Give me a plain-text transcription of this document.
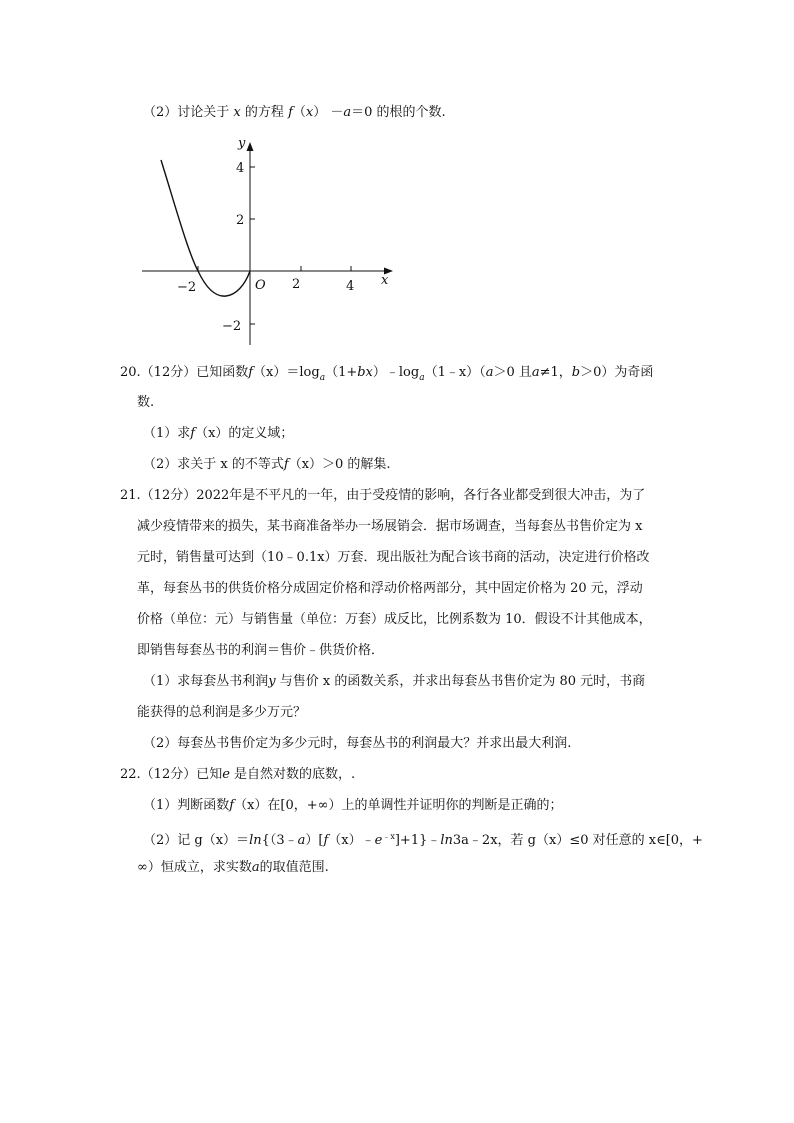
（2）讨论关于 x 的方程 f（x） －a＝0 的根的个数.
y
x
O
4
2
−2
−2	2	4
20.（12分）已知函数$f(x)=\log_a(1+bx)﹣\log_a(1﹣x)(a>0$ 且a≠1，b＞0）为奇函
数.
（1）求f（x）的定义域；
（2）求关于 x 的不等式f（x）＞0 的解集.
21.（12分）2022年是不平凡的一年，由于受疫情的影响，各行各业都受到很大冲击，为了
减少疫情带来的损失，某书商准备举办一场展销会．据市场调查，当每套丛书售价定为 x
元时，销售量可达到（10﹣0.1x）万套．现出版社为配合该书商的活动，决定进行价格改
革，每套丛书的供货价格分成固定价格和浮动价格两部分，其中固定价格为 20 元，浮动
价格（单位：元）与销售量（单位：万套）成反比，比例系数为 10．假设不计其他成本，
即销售每套丛书的利润＝售价﹣供货价格．
（1）求每套丛书利润y 与售价 x 的函数关系，并求出每套丛书售价定为 80 元时，书商
能获得的总利润是多少万元？
（2）每套丛书售价定为多少元时，每套丛书的利润最大？并求出最大利润.
22.（12分）已知e 是自然对数的底数，.
（1）判断函数f（x）在[0，+∞）上的单调性并证明你的判断是正确的；
（2）记 $g(x)=\ln\{(3﹣a)[f(x)﹣e^{﹣x}]+1\}﹣\ln 3a﹣2x$，若 g（x）≤0 对任意的 x∈[0，+
∞）恒成立，求实数a的取值范围.
